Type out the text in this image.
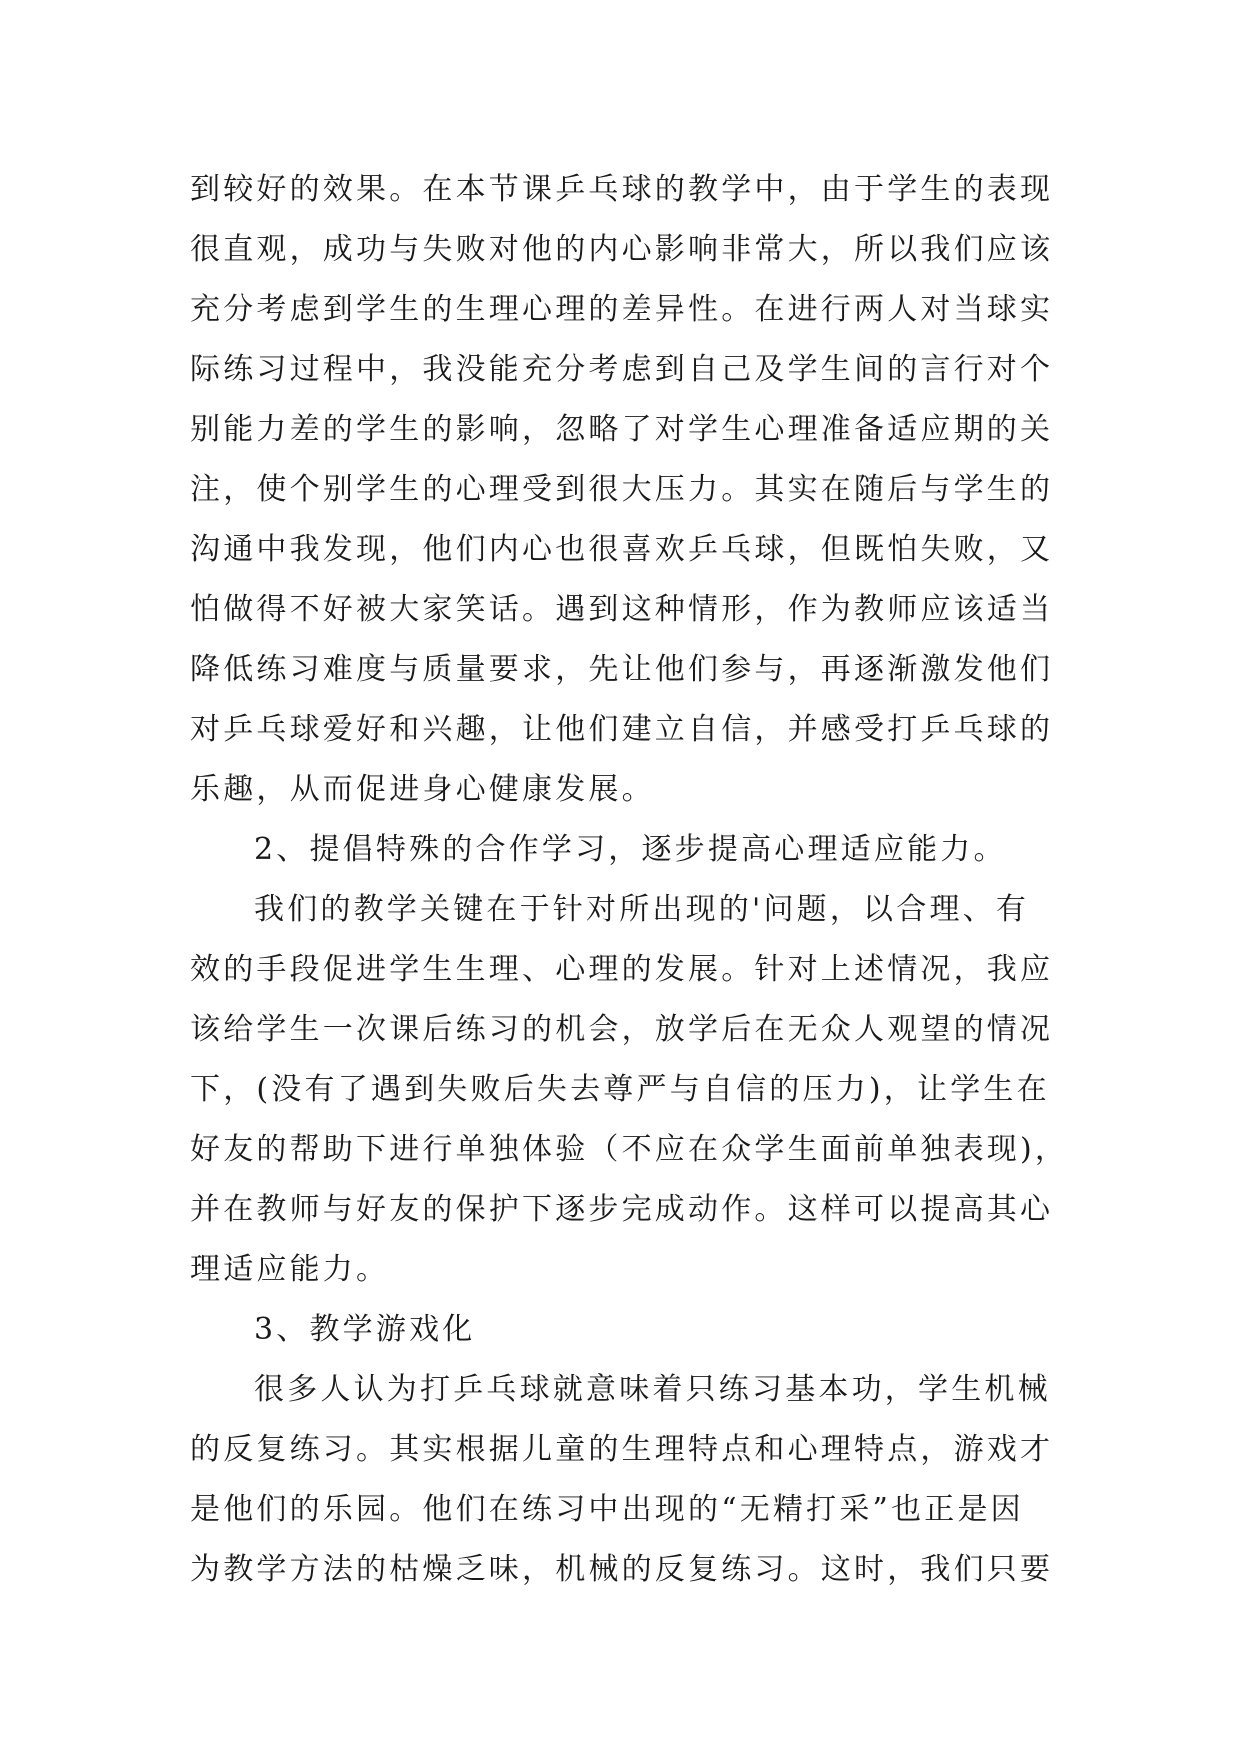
到较好的效果。在本节课乒乓球的教学中，由于学生的表现
很直观，成功与失败对他的内心影响非常大，所以我们应该
充分考虑到学生的生理心理的差异性。在进行两人对当球实
际练习过程中，我没能充分考虑到自己及学生间的言行对个
别能力差的学生的影响，忽略了对学生心理准备适应期的关
注，使个别学生的心理受到很大压力。其实在随后与学生的
沟通中我发现，他们内心也很喜欢乒乓球，但既怕失败，又
怕做得不好被大家笑话。遇到这种情形，作为教师应该适当
降低练习难度与质量要求，先让他们参与，再逐渐激发他们
对乒乓球爱好和兴趣，让他们建立自信，并感受打乒乓球的
乐趣，从而促进身心健康发展。
2、提倡特殊的合作学习，逐步提高心理适应能力。
我们的教学关键在于针对所出现的'问题，以合理、有
效的手段促进学生生理、心理的发展。针对上述情况，我应
该给学生一次课后练习的机会，放学后在无众人观望的情况
下，(没有了遇到失败后失去尊严与自信的压力)，让学生在
好友的帮助下进行单独体验（不应在众学生面前单独表现)，
并在教师与好友的保护下逐步完成动作。这样可以提高其心
理适应能力。
3、教学游戏化
很多人认为打乒乓球就意味着只练习基本功，学生机械
的反复练习。其实根据儿童的生理特点和心理特点，游戏才
是他们的乐园。他们在练习中出现的“无精打采”也正是因
为教学方法的枯燥乏味，机械的反复练习。这时，我们只要
